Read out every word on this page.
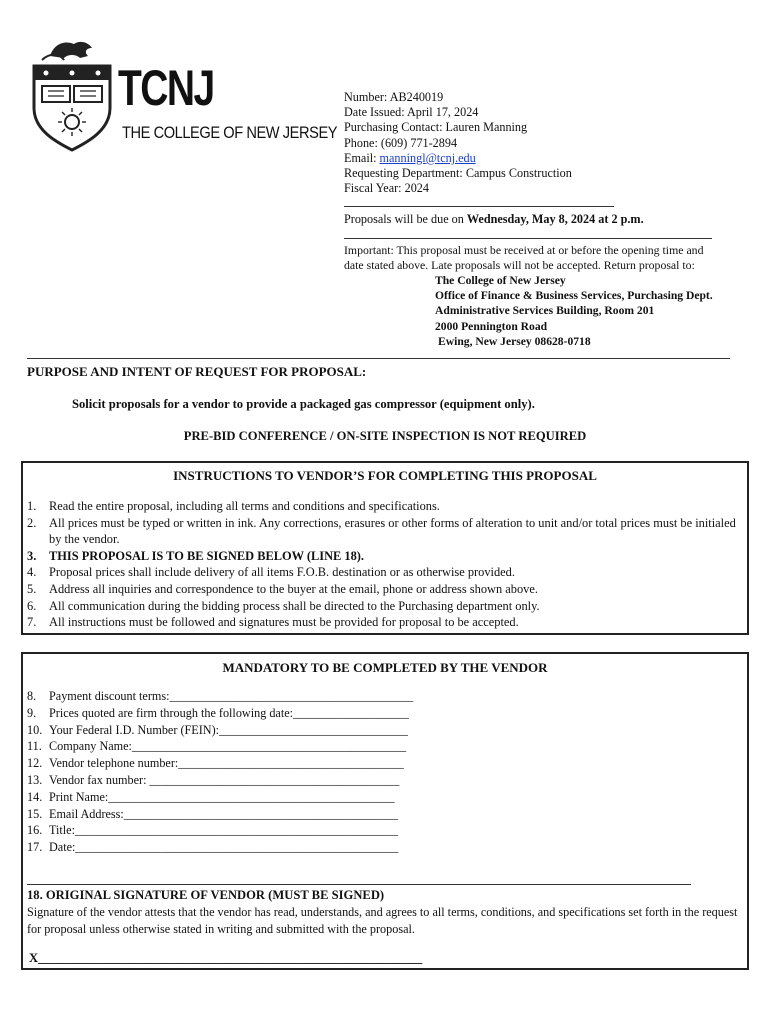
TCNJ
THE COLLEGE OF NEW JERSEY
Number: AB240019
Date Issued: April 17, 2024
Purchasing Contact: Lauren Manning
Phone: (609) 771-2894
Email: manningl@tcnj.edu
Requesting Department: Campus Construction
Fiscal Year: 2024
Proposals will be due on Wednesday, May 8, 2024 at 2 p.m.
Important: This proposal must be received at or before the opening time and
date stated above. Late proposals will not be accepted. Return proposal to:
The College of New Jersey
Office of Finance & Business Services, Purchasing Dept.
Administrative Services Building, Room 201
2000 Pennington Road
Ewing, New Jersey 08628-0718
PURPOSE AND INTENT OF REQUEST FOR PROPOSAL:
Solicit proposals for a vendor to provide a packaged gas compressor (equipment only).
PRE-BID CONFERENCE / ON-SITE INSPECTION IS NOT REQUIRED
INSTRUCTIONS TO VENDOR’S FOR COMPLETING THIS PROPOSAL
1. Read the entire proposal, including all terms and conditions and specifications.
2. All prices must be typed or written in ink. Any corrections, erasures or other forms of alteration to unit and/or total prices must be initialed by the vendor.
3. THIS PROPOSAL IS TO BE SIGNED BELOW (LINE 18).
4. Proposal prices shall include delivery of all items F.O.B. destination or as otherwise provided.
5. Address all inquiries and correspondence to the buyer at the email, phone or address shown above.
6. All communication during the bidding process shall be directed to the Purchasing department only.
7. All instructions must be followed and signatures must be provided for proposal to be accepted.
MANDATORY TO BE COMPLETED BY THE VENDOR
8. Payment discount terms:________________________________________
9. Prices quoted are firm through the following date:___________________
10. Your Federal I.D. Number (FEIN):_______________________________
11. Company Name:_____________________________________________
12. Vendor telephone number:_____________________________________
13. Vendor fax number: _________________________________________
14. Print Name:_______________________________________________
15. Email Address:_____________________________________________
16. Title:_____________________________________________________
17. Date:_____________________________________________________
18. ORIGINAL SIGNATURE OF VENDOR (MUST BE SIGNED)
Signature of the vendor attests that the vendor has read, understands, and agrees to all terms, conditions, and specifications set forth in the request for proposal unless otherwise stated in writing and submitted with the proposal.
X_____________________________________________________________
